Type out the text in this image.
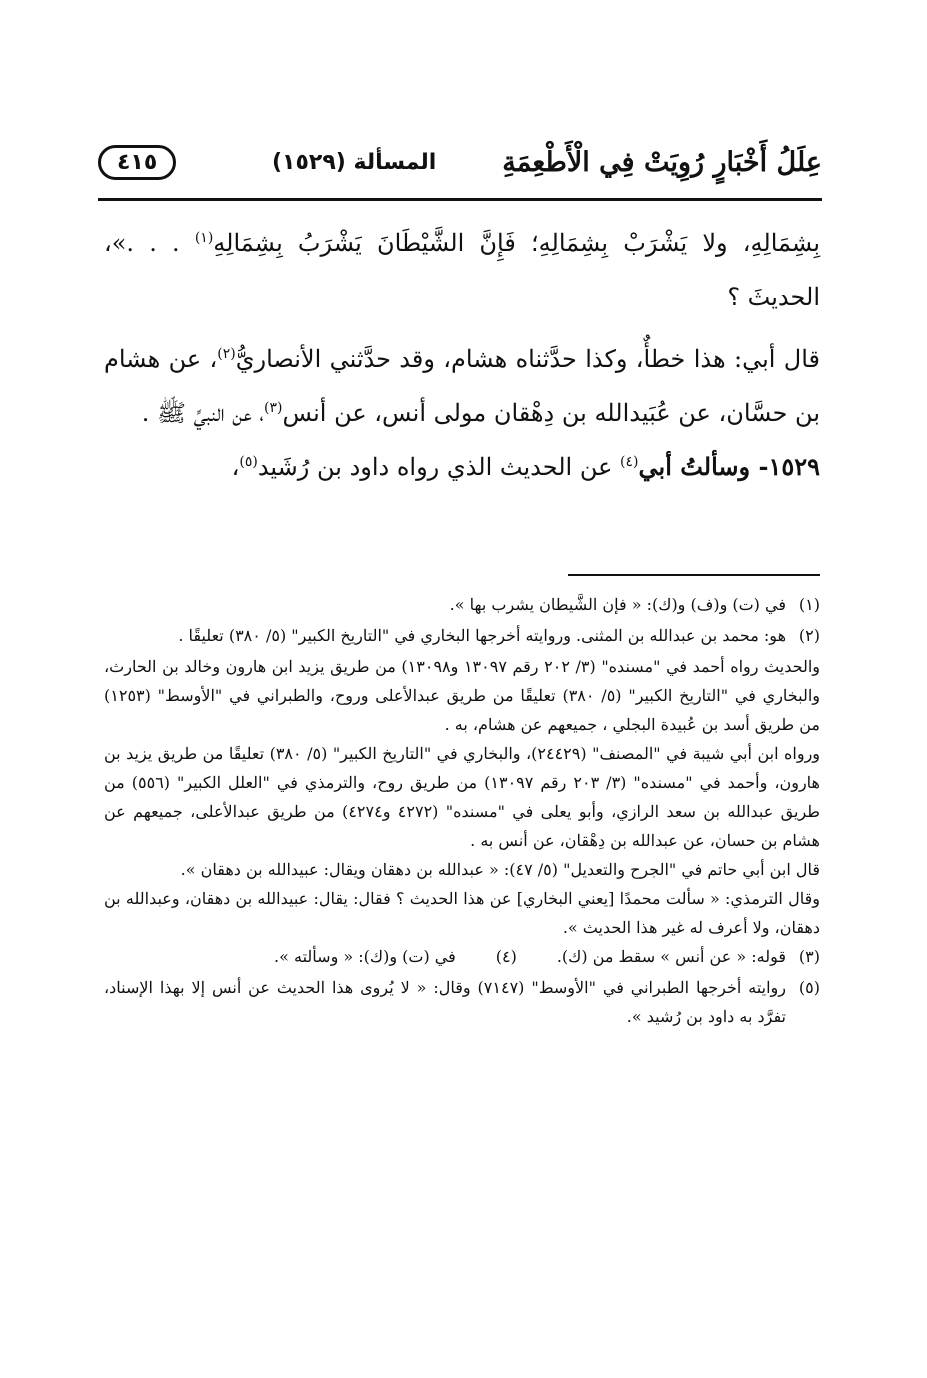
عِلَلُ أَخْبَارٍ رُوِيَتْ فِي الْأَطْعِمَةِ
المسألة (١٥٢٩)
٤١٥

بِشِمَالِهِ، ولا يَشْرَبْ بِشِمَالِهِ؛ فَإِنَّ الشَّيْطَانَ يَشْرَبُ بِشِمَالِهِ$^{(١)}$ . . .»، الحديثَ ؟

قال أبي: هذا خطأٌ، وكذا حدَّثناه هشام، وقد حدَّثني الأنصاريُّ$^{(٢)}$، عن هشام بن حسَّان، عن عُبَيدالله بن دِهْقان مولى أنس، عن أنس$^{(٣)}$، عن النبيِّ ﷺ .

١٥٢٩- وسألتُ أبي$^{(٤)}$ عن الحديث الذي رواه داود بن رُشَيد$^{(٥)}$،

(١)
في (ت) و(ف) و(ك): « فإن الشَّيطان يشرب بها ».
(٢)
هو: محمد بن عبدالله بن المثنى. وروايته أخرجها البخاري في "التاريخ الكبير" (٥/ ٣٨٠) تعليقًا .

والحديث رواه أحمد في "مسنده" (٣/ ٢٠٢ رقم ١٣٠٩٧ و١٣٠٩٨) من طريق يزيد ابن هارون وخالد بن الحارث، والبخاري في "التاريخ الكبير" (٥/ ٣٨٠) تعليقًا من طريق عبدالأعلى وروح، والطبراني في "الأوسط" (١٢٥٣) من طريق أسد بن عُبيدة البجلي ، جميعهم عن هشام، به .

ورواه ابن أبي شيبة في "المصنف" (٢٤٤٢٩)، والبخاري في "التاريخ الكبير" (٥/ ٣٨٠) تعليقًا من طريق يزيد بن هارون، وأحمد في "مسنده" (٣/ ٢٠٣ رقم ١٣٠٩٧) من طريق روح، والترمذي في "العلل الكبير" (٥٥٦) من طريق عبدالله بن سعد الرازي، وأبو يعلى في "مسنده" (٤٢٧٢ و٤٢٧٤) من طريق عبدالأعلى، جميعهم عن هشام بن حسان، عن عبدالله بن دِهْقان، عن أنس به .

قال ابن أبي حاتم في "الجرح والتعديل" (٥/ ٤٧): « عبدالله بن دهقان ويقال: عبيدالله بن دهقان ».

وقال الترمذي: « سألت محمدًا [يعني البخاري] عن هذا الحديث ؟ فقال: يقال: عبيدالله بن دهقان، وعبدالله بن دهقان، ولا أعرف له غير هذا الحديث ».

(٣)
قوله: « عن أنس » سقط من (ك).
(٤)
في (ت) و(ك): « وسألته ».
(٥)
روايته أخرجها الطبراني في "الأوسط" (٧١٤٧) وقال: « لا يُروى هذا الحديث عن أنس إلا بهذا الإسناد، تفرَّد به داود بن رُشيد ».
